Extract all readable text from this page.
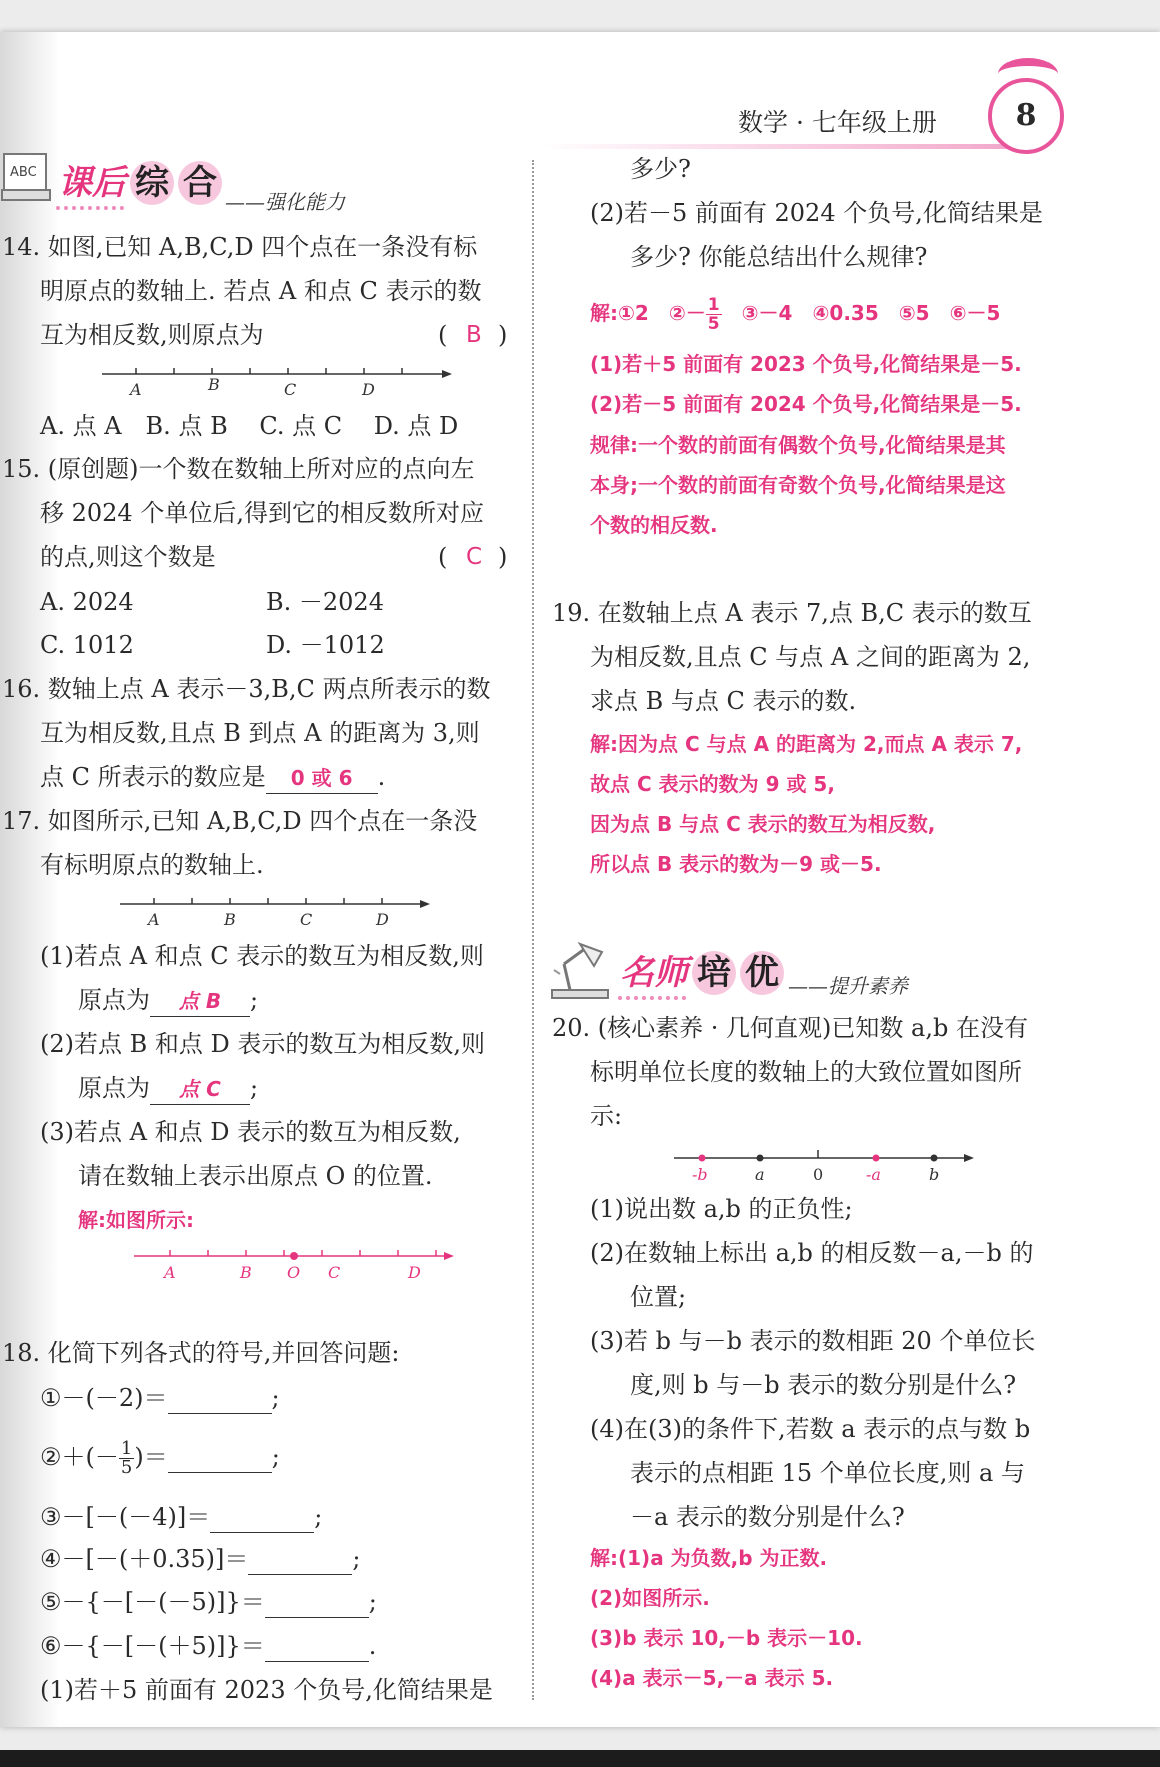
数学 · 七年级上册	8
ABC 课后 综 合 ——强化能力
14. 如图,已知 A,B,C,D 四个点在一条没有标
明原点的数轴上. 若点 A 和点 C 表示的数
互为相反数,则原点为	( B )
A	B	C	D
A. 点 A　B. 点 B　 C. 点 C　 D. 点 D
15. (原创题)一个数在数轴上所对应的点向左
移 2024 个单位后,得到它的相反数所对应
的点,则这个数是	( C )
A. 2024	B. －2024
C. 1012	D. －1012
16. 数轴上点 A 表示－3,B,C 两点所表示的数
互为相反数,且点 B 到点 A 的距离为 3,则
点 C 所表示的数应是 0 或 6 .
17. 如图所示,已知 A,B,C,D 四个点在一条没
有标明原点的数轴上.
A	B	C	D
(1)若点 A 和点 C 表示的数互为相反数,则
原点为 点 B ;
(2)若点 B 和点 D 表示的数互为相反数,则
原点为 点 C ;
(3)若点 A 和点 D 表示的数互为相反数,
请在数轴上表示出原点 O 的位置.
解:如图所示:
A	B O C	D
18. 化简下列各式的符号,并回答问题:
①－(－2)＝	;
②＋(－ $\frac{1}{5}$ )＝	;
③－[－(－4)]＝	;
④－[－(＋0.35)]＝	;
⑤－{－[－(－5)]}＝	;
⑥－{－[－(＋5)]}＝	.
(1)若＋5 前面有 2023 个负号,化简结果是
多少?
(2)若－5 前面有 2024 个负号,化简结果是
多少? 你能总结出什么规律?
解:①2　②－ $\frac{1}{5}$ 　③－4　④0.35　⑤5　⑥－5
(1)若＋5 前面有 2023 个负号,化简结果是－5.
(2)若－5 前面有 2024 个负号,化简结果是－5.
规律:一个数的前面有偶数个负号,化简结果是其
本身;一个数的前面有奇数个负号,化简结果是这
个数的相反数.
19. 在数轴上点 A 表示 7,点 B,C 表示的数互
为相反数,且点 C 与点 A 之间的距离为 2,
求点 B 与点 C 表示的数.
解:因为点 C 与点 A 的距离为 2,而点 A 表示 7,
故点 C 表示的数为 9 或 5,
因为点 B 与点 C 表示的数互为相反数,
所以点 B 表示的数为－9 或－5.
名师 培 优 ——提升素养
20. (核心素养 · 几何直观)已知数 a,b 在没有
标明单位长度的数轴上的大致位置如图所
示:
-b	a	0	-a	b
(1)说出数 a,b 的正负性;
(2)在数轴上标出 a,b 的相反数－a,－b 的
位置;
(3)若 b 与－b 表示的数相距 20 个单位长
度,则 b 与－b 表示的数分别是什么?
(4)在(3)的条件下,若数 a 表示的点与数 b
表示的点相距 15 个单位长度,则 a 与
－a 表示的数分别是什么?
解:(1)a 为负数,b 为正数.
(2)如图所示.
(3)b 表示 10,－b 表示－10.
(4)a 表示－5,－a 表示 5.
